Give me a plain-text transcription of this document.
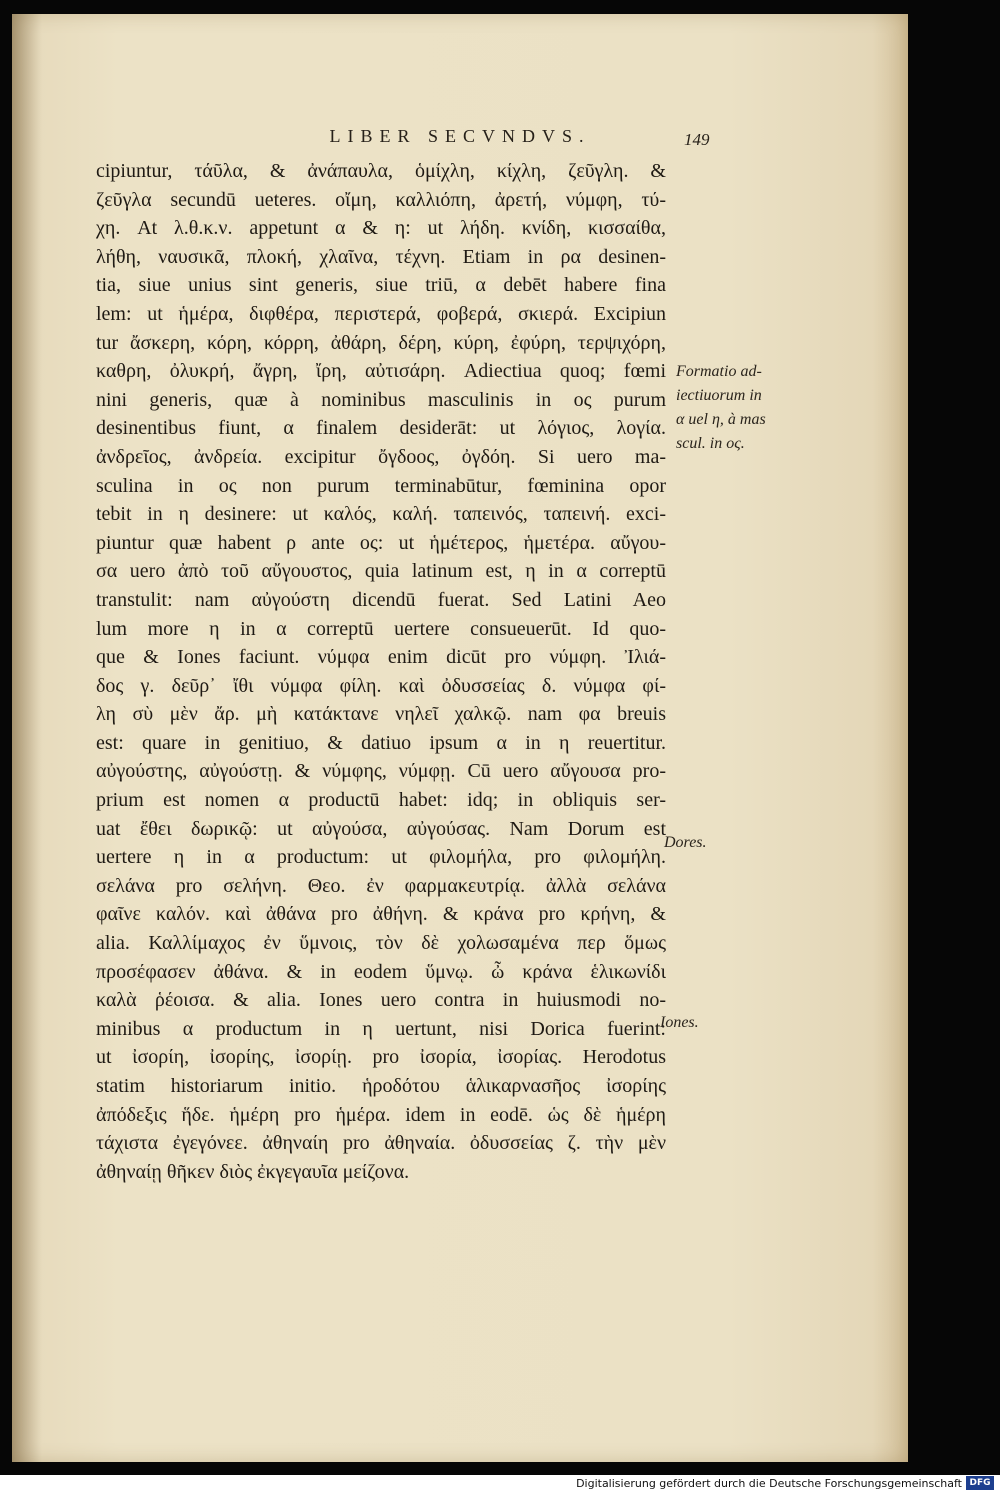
LIBER SECVNDVS.	149
cipiuntur, τάῦλα, & ἀνάπαυλα, ὁμίχλη, κίχλη, ζεῦγλη. &
ζεῦγλα secundū ueteres. οἴμη, καλλιόπη, ἀρετή, νύμφη, τύ-
χη. At λ.θ.κ.ν. appetunt α & η: ut λήδη. κνίδη, κισσαίθα,
λήθη, ναυσικᾶ, πλοκή, χλαῖνα, τέχνη. Etiam in ρα desinen-
tia, siue unius sint generis, siue triū, α debēt habere fina
lem: ut ἡμέρα, διφθέρα, περιστερά, φοβερά, σκιερά. Excipiun
tur ἄσκερη, κόρη, κόρρη, ἀθάρη, δέρη, κύρη, ἐφύρη, τερψιχόρη,
καθρη, ὀλυκρή, ἄγρη, ἴρη, αὐτισάρη. Adiectiua quoq; fœmi
nini generis, quæ à nominibus masculinis in ος purum
desinentibus fiunt, α finalem desiderāt: ut λόγιος, λογία.
ἀνδρεῖος, ἀνδρεία. excipitur ὄγδοος, ὀγδόη. Si uero ma-
sculina in ος non purum terminabūtur, fœminina opor
tebit in η desinere: ut καλός, καλή. ταπεινός, ταπεινή. exci-
piuntur quæ habent ρ ante ος: ut ἡμέτερος, ἡμετέρα. αὔγου-
σα uero ἀπὸ τοῦ αὔγουστος, quia latinum est, η in α correptū
transtulit: nam αὐγούστη dicendū fuerat. Sed Latini Aeo
lum more η in α correptū uertere consueuerūt. Id quo-
que & Iones faciunt. νύμφα enim dicūt pro νύμφη. Ἰλιά-
δος γ. δεῦρ᾽ ἴθι νύμφα φίλη. καὶ ὀδυσσείας δ. νύμφα φί-
λη σὺ μὲν ἄρ. μὴ κατάκτανε νηλεῖ χαλκῷ. nam φα breuis
est: quare in genitiuo, & datiuo ipsum α in η reuertitur.
αὐγούστης, αὐγούστῃ. & νύμφης, νύμφῃ. Cū uero αὔγουσα pro-
prium est nomen α productū habet: idq; in obliquis ser-
uat ἔθει δωρικῷ: ut αὐγούσα, αὐγούσας. Nam Dorum est
uertere η in α productum: ut φιλομήλα, pro φιλομήλη.
σελάνα pro σελήνη. Θεο. ἐν φαρμακευτρίᾳ. ἀλλὰ σελάνα
φαῖνε καλόν. καὶ ἀθάνα pro ἀθήνη. & κράνα pro κρήνη, &
alia. Καλλίμαχος ἐν ὕμνοις, τὸν δὲ χολωσαμένα περ ὅμως
προσέφασεν ἀθάνα. & in eodem ὕμνῳ. ὦ κράνα ἑλικωνίδι
καλὰ ῥέοισα. & alia. Iones uero contra in huiusmodi no-
minibus α productum in η uertunt, nisi Dorica fuerint:
ut ἰσορίη, ἰσορίης, ἰσορίῃ. pro ἰσορία, ἰσορίας. Herodotus
statim historiarum initio. ἡροδότου ἁλικαρνασῆος ἰσορίης
ἀπόδεξις ἥδε. ἡμέρη pro ἡμέρα. idem in eodē. ὡς δὲ ἡμέρη
τάχιστα ἐγεγόνεε. ἀθηναίη pro ἀθηναία. ὀδυσσείας ζ. τὴν μὲν
ἀθηναίῃ θῆκεν διὸς ἐκγεγαυῖα μείζονα.
Formatio ad-
iectiuorum in
α uel η, à mas
scul. in ος.
Dores.
Iones.
Digitalisierung gefördert durch die Deutsche Forschungsgemeinschaft DFG
